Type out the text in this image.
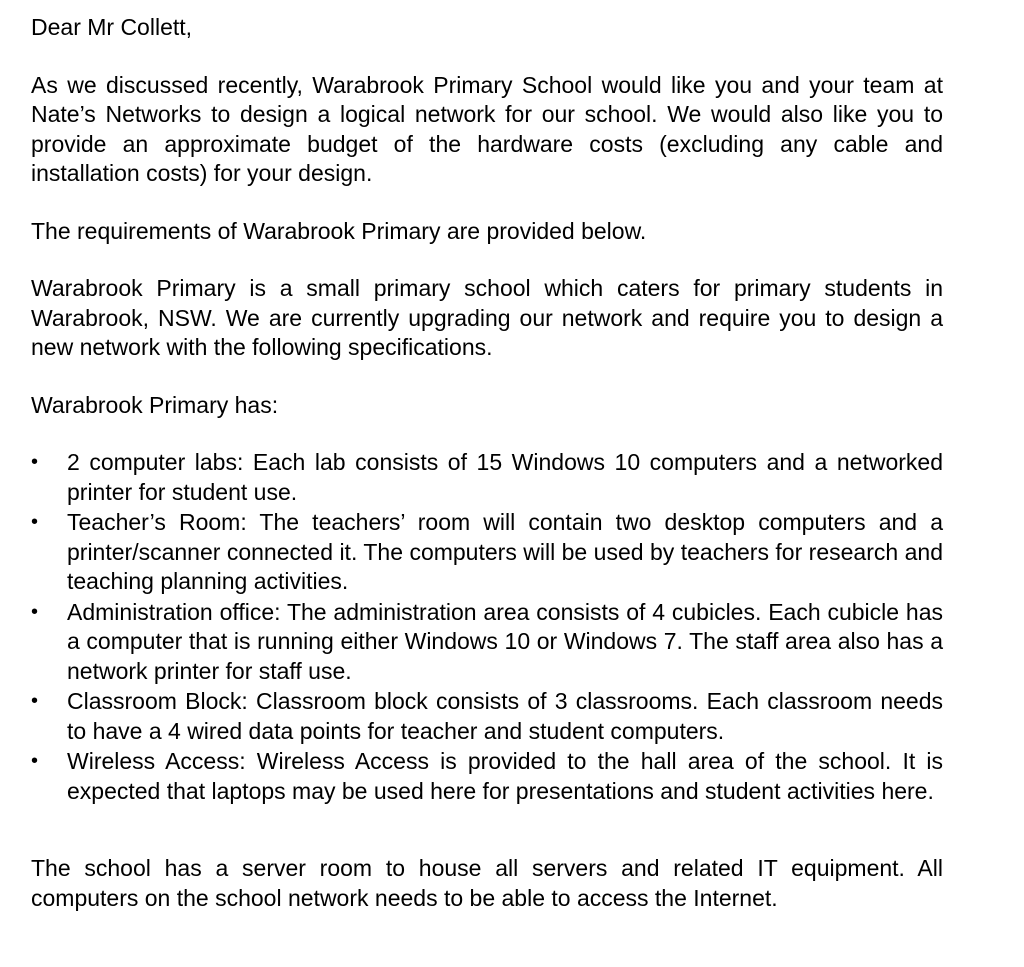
Dear Mr Collett,

As we discussed recently, Warabrook Primary School would like you and your team at Nate’s Networks to design a logical network for our school. We would also like you to provide an approximate budget of the hardware costs (excluding any cable and installation costs) for your design.

The requirements of Warabrook Primary are provided below.

Warabrook Primary is a small primary school which caters for primary students in Warabrook, NSW. We are currently upgrading our network and require you to design a new network with the following specifications.

Warabrook Primary has:

• 2 computer labs: Each lab consists of 15 Windows 10 computers and a networked printer for student use.
• Teacher’s Room: The teachers’ room will contain two desktop computers and a printer/scanner connected it. The computers will be used by teachers for research and teaching planning activities.
• Administration office: The administration area consists of 4 cubicles. Each cubicle has a computer that is running either Windows 10 or Windows 7. The staff area also has a network printer for staff use.
• Classroom Block: Classroom block consists of 3 classrooms. Each classroom needs to have a 4 wired data points for teacher and student computers.
• Wireless Access: Wireless Access is provided to the hall area of the school. It is expected that laptops may be used here for presentations and student activities here.

The school has a server room to house all servers and related IT equipment. All computers on the school network needs to be able to access the Internet.
